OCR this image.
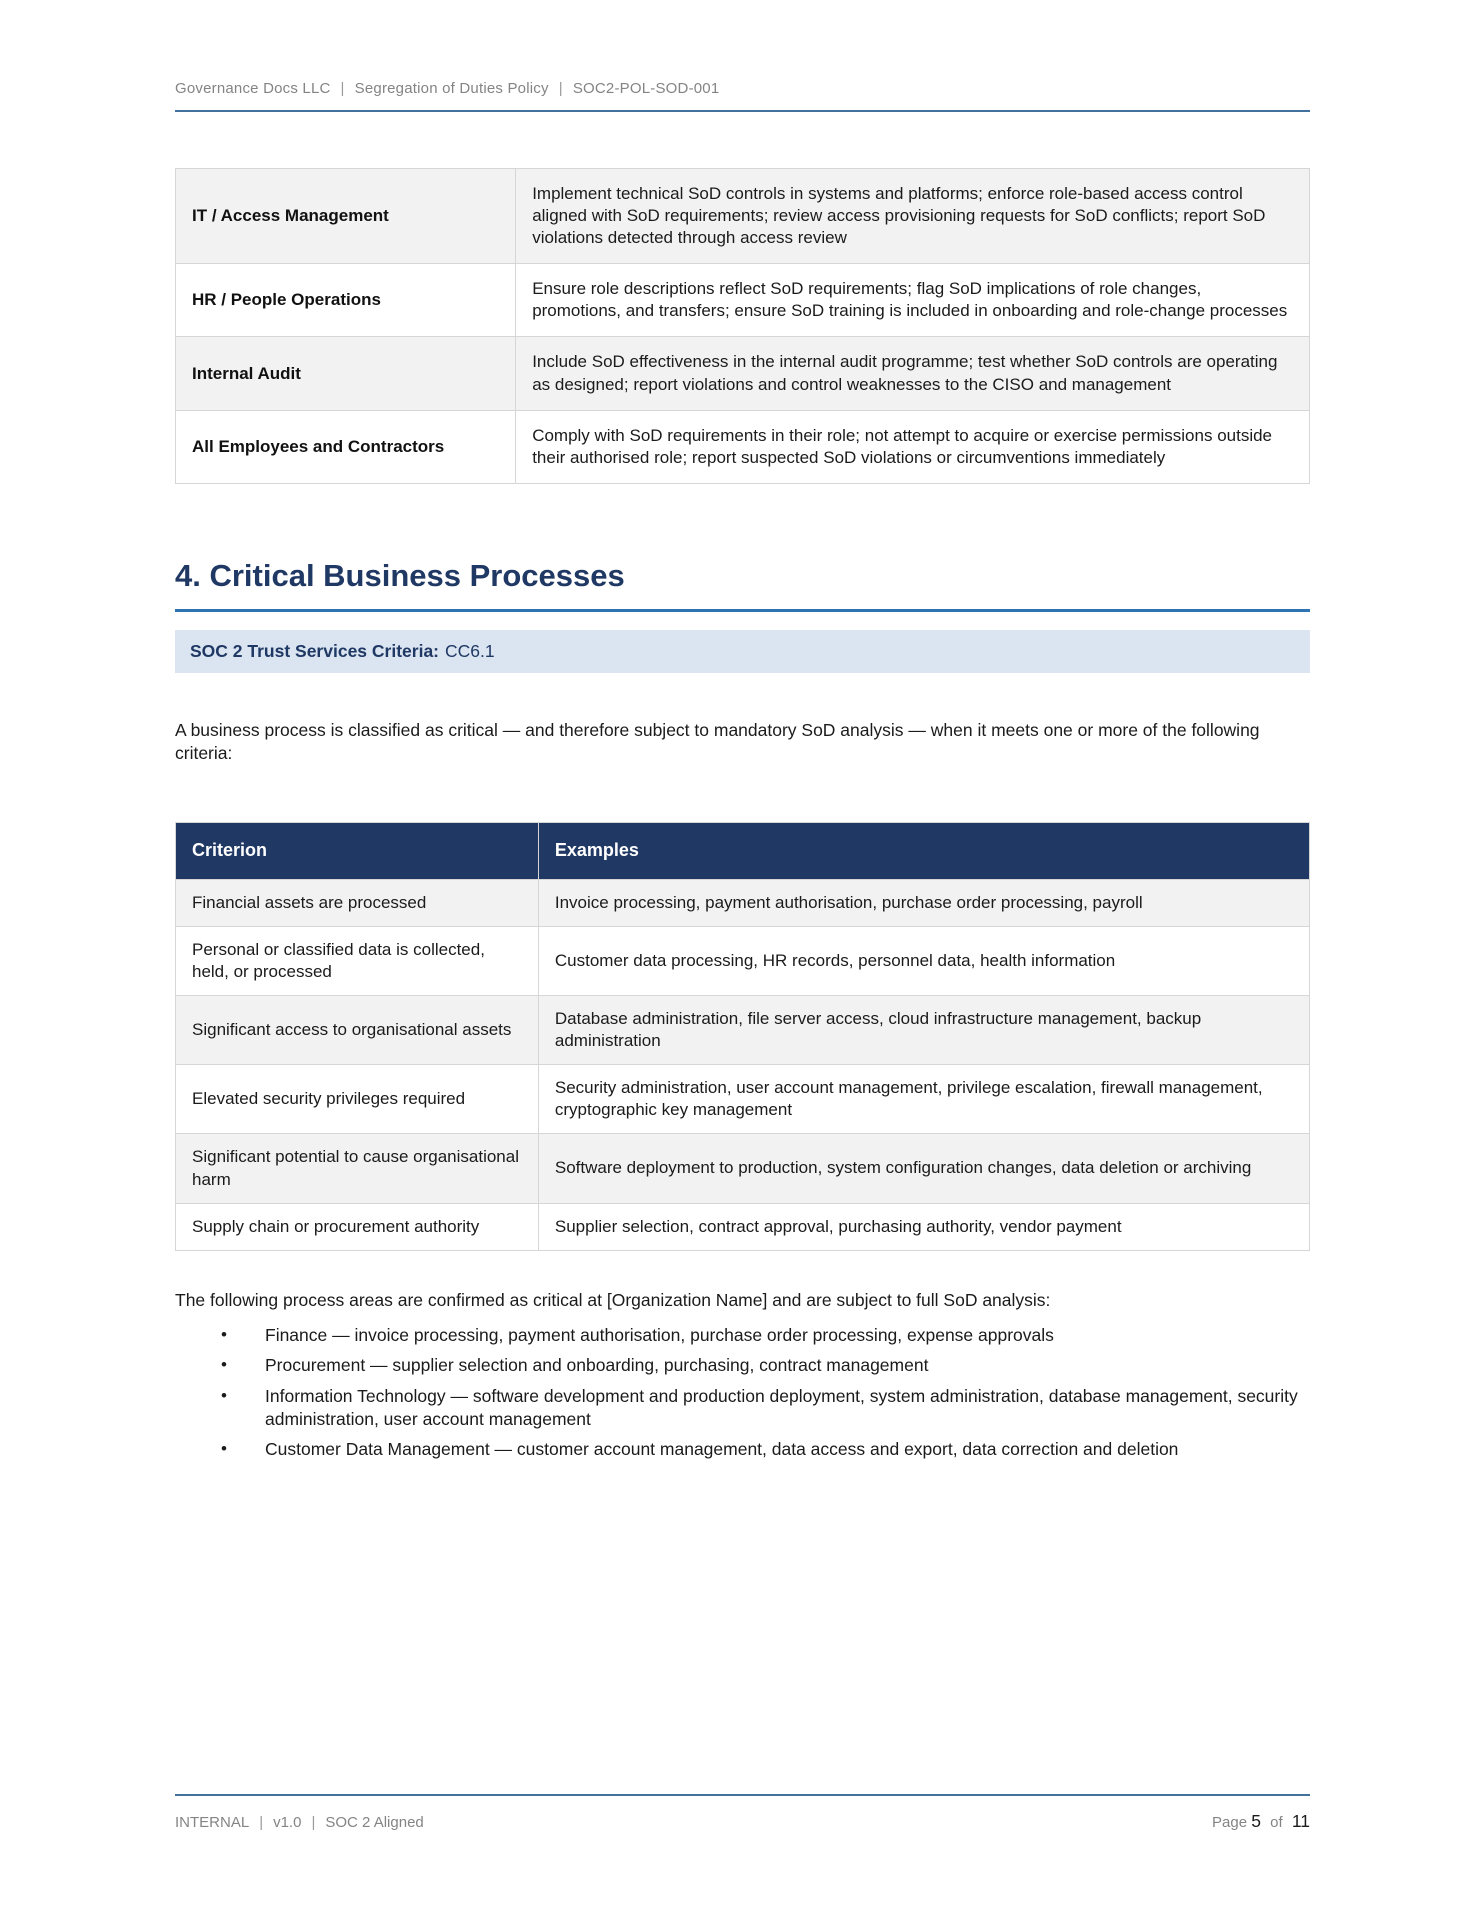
Governance Docs LLC | Segregation of Duties Policy | SOC2-POL-SOD-001
IT / Access Management	Implement technical SoD controls in systems and platforms; enforce role-based access control aligned with SoD requirements; review access provisioning requests for SoD conflicts; report SoD violations detected through access review
HR / People Operations	Ensure role descriptions reflect SoD requirements; flag SoD implications of role changes, promotions, and transfers; ensure SoD training is included in onboarding and role-change processes
Internal Audit	Include SoD effectiveness in the internal audit programme; test whether SoD controls are operating as designed; report violations and control weaknesses to the CISO and management
All Employees and Contractors	Comply with SoD requirements in their role; not attempt to acquire or exercise permissions outside their authorised role; report suspected SoD violations or circumventions immediately
4. Critical Business Processes
SOC 2 Trust Services Criteria: CC6.1

A business process is classified as critical — and therefore subject to mandatory SoD analysis — when it meets one or more of the following criteria:

Criterion	Examples
Financial assets are processed	Invoice processing, payment authorisation, purchase order processing, payroll
Personal or classified data is collected, held, or processed	Customer data processing, HR records, personnel data, health information
Significant access to organisational assets	Database administration, file server access, cloud infrastructure management, backup administration
Elevated security privileges required	Security administration, user account management, privilege escalation, firewall management, cryptographic key management
Significant potential to cause organisational harm	Software deployment to production, system configuration changes, data deletion or archiving
Supply chain or procurement authority	Supplier selection, contract approval, purchasing authority, vendor payment

The following process areas are confirmed as critical at [Organization Name] and are subject to full SoD analysis:

• Finance — invoice processing, payment authorisation, purchase order processing, expense approvals
• Procurement — supplier selection and onboarding, purchasing, contract management
• Information Technology — software development and production deployment, system administration, database management, security administration, user account management
• Customer Data Management — customer account management, data access and export, data correction and deletion
INTERNAL | v1.0 | SOC 2 Aligned	Page 5 of 11
